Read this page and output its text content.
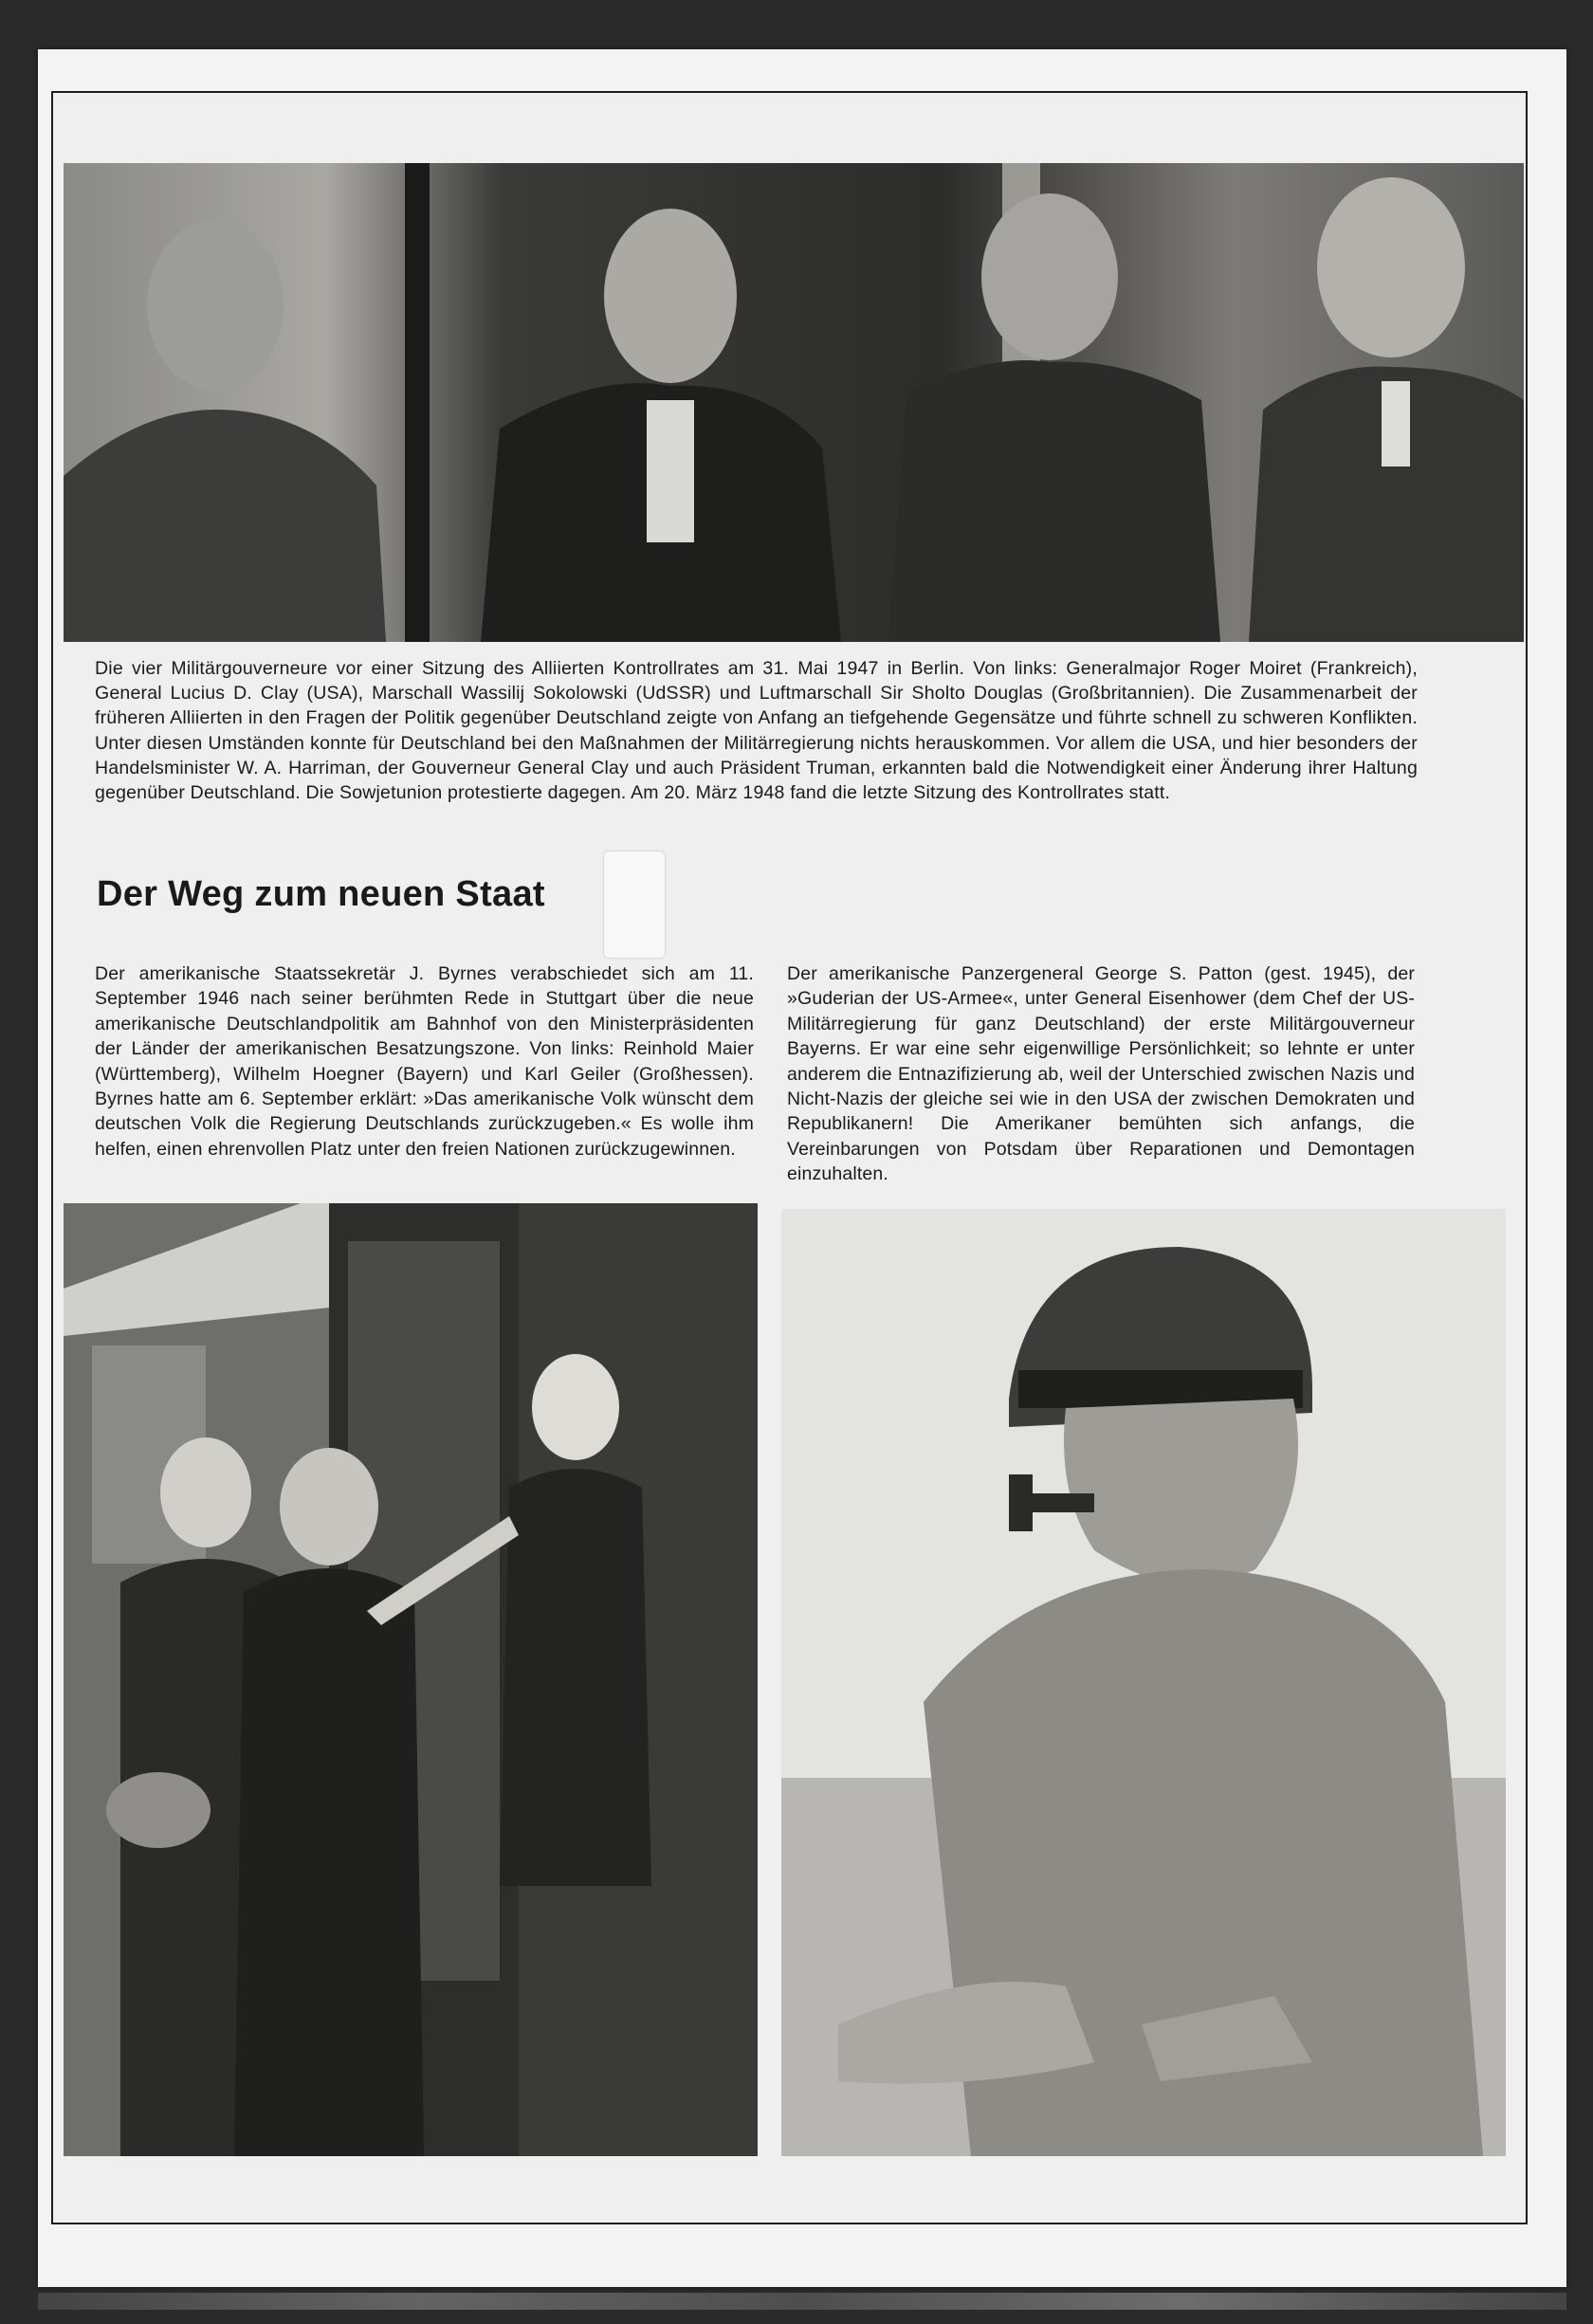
Die vier Militärgouverneure vor einer Sitzung des Alliierten Kontrollrates am 31. Mai 1947 in Berlin. Von links: Generalmajor Roger Moiret (Frankreich), General Lucius D. Clay (USA), Marschall Wassilij Sokolowski (UdSSR) und Luftmarschall Sir Sholto Douglas (Großbritannien). Die Zusammenarbeit der früheren Alliierten in den Fragen der Politik gegenüber Deutschland zeigte von Anfang an tiefgehende Gegensätze und führte schnell zu schweren Konflikten. Unter diesen Umständen konnte für Deutschland bei den Maßnahmen der Militärregierung nichts herauskommen. Vor allem die USA, und hier besonders der Handelsminister W. A. Harriman, der Gouverneur General Clay und auch Präsident Truman, erkannten bald die Notwendigkeit einer Änderung ihrer Haltung gegenüber Deutschland. Die Sowjetunion protestierte dagegen. Am 20. März 1948 fand die letzte Sitzung des Kontrollrates statt.
Der Weg zum neuen Staat
Der amerikanische Staatssekretär J. Byrnes verabschiedet sich am 11. September 1946 nach seiner berühmten Rede in Stuttgart über die neue amerikanische Deutschlandpolitik am Bahnhof von den Ministerpräsidenten der Länder der amerikanischen Besatzungszone. Von links: Reinhold Maier (Württemberg), Wilhelm Hoegner (Bayern) und Karl Geiler (Großhessen). Byrnes hatte am 6. September erklärt: »Das amerikanische Volk wünscht dem deutschen Volk die Regierung Deutschlands zurückzugeben.« Es wolle ihm helfen, einen ehrenvollen Platz unter den freien Nationen zurückzugewinnen.
Der amerikanische Panzergeneral George S. Patton (gest. 1945), der »Guderian der US-Armee«, unter General Eisenhower (dem Chef der US-Militärregierung für ganz Deutschland) der erste Militärgouverneur Bayerns. Er war eine sehr eigenwillige Persönlichkeit; so lehnte er unter anderem die Entnazifizierung ab, weil der Unterschied zwischen Nazis und Nicht-Nazis der gleiche sei wie in den USA der zwischen Demokraten und Republikanern! Die Amerikaner bemühten sich anfangs, die Vereinbarungen von Potsdam über Reparationen und Demontagen einzuhalten.
